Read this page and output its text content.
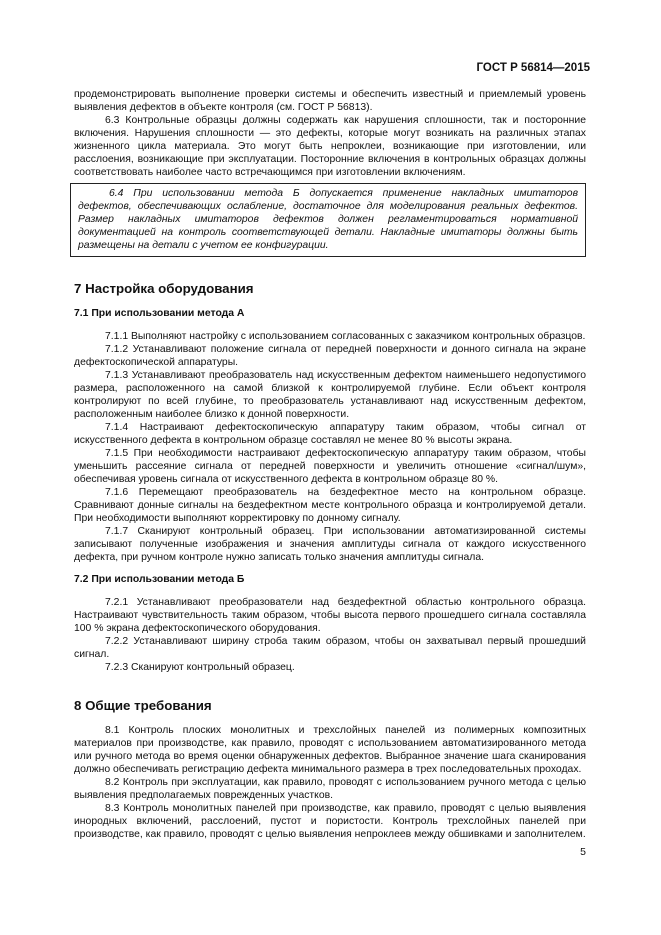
ГОСТ Р 56814—2015

продемонстрировать выполнение проверки системы и обеспечить известный и приемлемый уровень выявления дефектов в объекте контроля (см. ГОСТ Р 56813).

6.3 Контрольные образцы должны содержать как нарушения сплошности, так и посторонние включения. Нарушения сплошности — это дефекты, которые могут возникать на различных этапах жизненного цикла материала. Это могут быть непроклеи, возникающие при изготовлении, или расслоения, возникающие при эксплуатации. Посторонние включения в контрольных образцах должны соответствовать наиболее часто встречающимся при изготовлении включениям.

6.4 При использовании метода Б допускается применение накладных имитаторов дефектов, обеспечивающих ослабление, достаточное для моделирования реальных дефектов. Размер накладных имитаторов дефектов должен регламентироваться нормативной документацией на контроль соответствующей детали. Накладные имитаторы должны быть размещены на детали с учетом ее конфигурации.

7 Настройка оборудования
7.1 При использовании метода А

7.1.1 Выполняют настройку с использованием согласованных с заказчиком контрольных образцов.

7.1.2 Устанавливают положение сигнала от передней поверхности и донного сигнала на экране дефектоскопической аппаратуры.

7.1.3 Устанавливают преобразователь над искусственным дефектом наименьшего недопустимого размера, расположенного на самой близкой к контролируемой глубине. Если объект контроля контролируют по всей глубине, то преобразователь устанавливают над искусственным дефектом, расположенным наиболее близко к донной поверхности.

7.1.4 Настраивают дефектоскопическую аппаратуру таким образом, чтобы сигнал от искусственного дефекта в контрольном образце составлял не менее 80 % высоты экрана.

7.1.5 При необходимости настраивают дефектоскопическую аппаратуру таким образом, чтобы уменьшить рассеяние сигнала от передней поверхности и увеличить отношение «сигнал/шум», обеспечивая уровень сигнала от искусственного дефекта в контрольном образце 80 %.

7.1.6 Перемещают преобразователь на бездефектное место на контрольном образце. Сравнивают донные сигналы на бездефектном месте контрольного образца и контролируемой детали. При необходимости выполняют корректировку по донному сигналу.

7.1.7 Сканируют контрольный образец. При использовании автоматизированной системы записывают полученные изображения и значения амплитуды сигнала от каждого искусственного дефекта, при ручном контроле нужно записать только значения амплитуды сигнала.

7.2 При использовании метода Б

7.2.1 Устанавливают преобразователи над бездефектной областью контрольного образца. Настраивают чувствительность таким образом, чтобы высота первого прошедшего сигнала составляла 100 % экрана дефектоскопического оборудования.

7.2.2 Устанавливают ширину строба таким образом, чтобы он захватывал первый прошедший сигнал.

7.2.3 Сканируют контрольный образец.

8 Общие требования

8.1 Контроль плоских монолитных и трехслойных панелей из полимерных композитных материалов при производстве, как правило, проводят с использованием автоматизированного метода или ручного метода во время оценки обнаруженных дефектов. Выбранное значение шага сканирования должно обеспечивать регистрацию дефекта минимального размера в трех последовательных проходах.

8.2 Контроль при эксплуатации, как правило, проводят с использованием ручного метода с целью выявления предполагаемых поврежденных участков.

8.3 Контроль монолитных панелей при производстве, как правило, проводят с целью выявления инородных включений, расслоений, пустот и пористости. Контроль трехслойных панелей при производстве, как правило, проводят с целью выявления непроклеев между обшивками и заполнителем.

5
